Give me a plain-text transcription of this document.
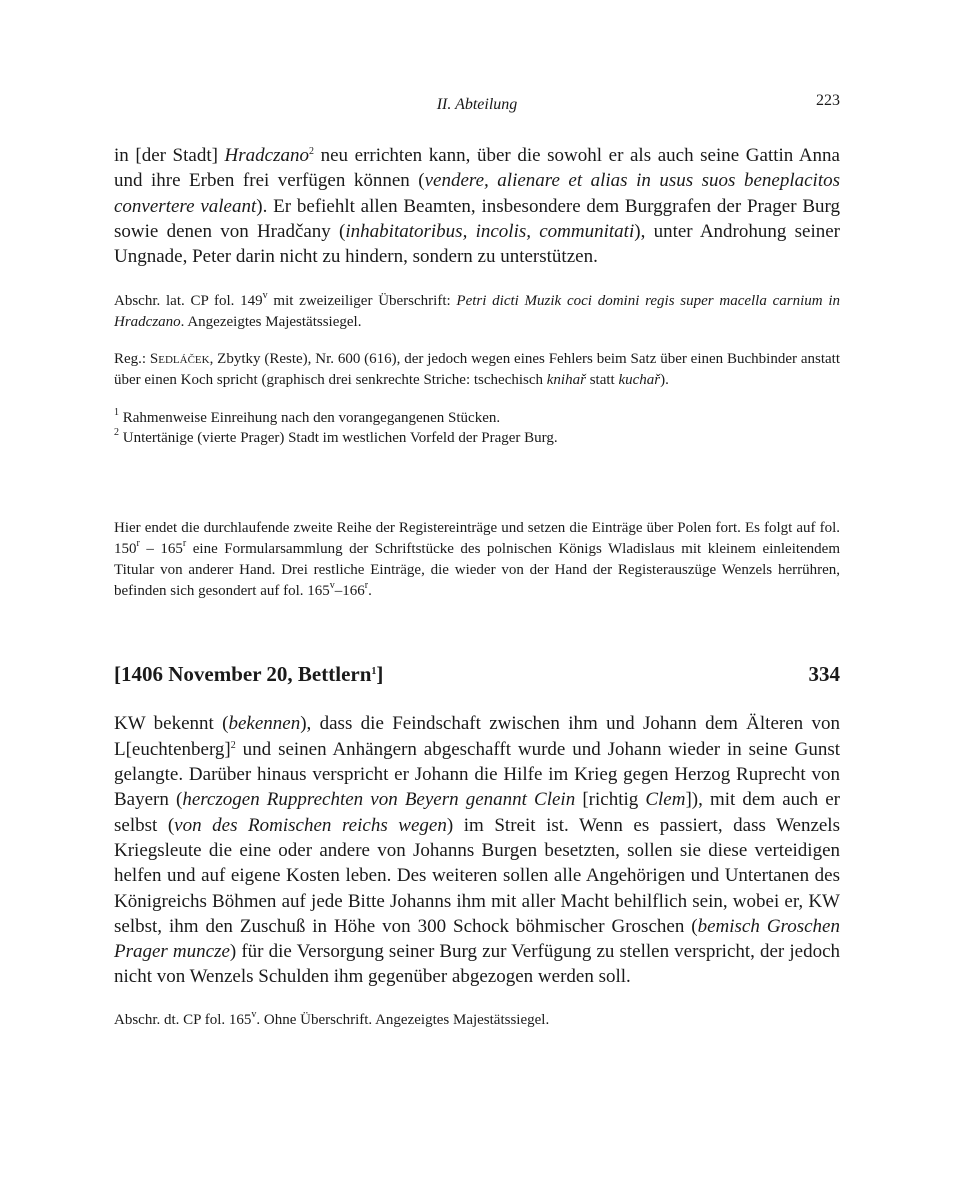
II. Abteilung	223

in [der Stadt] Hradczano$^2$ neu errichten kann, über die sowohl er als auch seine Gattin Anna und ihre Erben frei verfügen können (vendere, alienare et alias in usus suos beneplacitos convertere valeant). Er befiehlt allen Beamten, insbesondere dem Burggrafen der Prager Burg sowie denen von Hradčany (inhabitatoribus, incolis, communitati), unter Androhung seiner Ungnade, Peter darin nicht zu hindern, sondern zu unterstützen.

Abschr. lat. CP fol. 149$^v$ mit zweizeiliger Überschrift: Petri dicti Muzik coci domini regis super macella carnium in Hradczano. Angezeigtes Majestätssiegel.

Reg.: Sedláček, Zbytky (Reste), Nr. 600 (616), der jedoch wegen eines Fehlers beim Satz über einen Buchbinder anstatt über einen Koch spricht (graphisch drei senkrechte Striche: tschechisch knihař statt kuchař).

$^1$ Rahmenweise Einreihung nach den vorangegangenen Stücken.
$^2$ Untertänige (vierte Prager) Stadt im westlichen Vorfeld der Prager Burg.

Hier endet die durchlaufende zweite Reihe der Registereinträge und setzen die Einträge über Polen fort. Es folgt auf fol. 150$^r$ – 165$^r$ eine Formularsammlung der Schriftstücke des polnischen Königs Wladislaus mit kleinem einleitendem Titular von anderer Hand. Drei restliche Einträge, die wieder von der Hand der Registerauszüge Wenzels herrühren, befinden sich gesondert auf fol. 165$^v$–166$^r$.

[1406 November 20, Bettlern$^1$]	334

KW bekennt (bekennen), dass die Feindschaft zwischen ihm und Johann dem Älteren von L[euchtenberg]$^2$ und seinen Anhängern abgeschafft wurde und Johann wieder in seine Gunst gelangte. Darüber hinaus verspricht er Johann die Hilfe im Krieg gegen Herzog Ruprecht von Bayern (herczogen Rupprechten von Beyern genannt Clein [richtig Clem]), mit dem auch er selbst (von des Romischen reichs wegen) im Streit ist. Wenn es passiert, dass Wenzels Kriegsleute die eine oder andere von Johanns Burgen besetzten, sollen sie diese verteidigen helfen und auf eigene Kosten leben. Des weiteren sollen alle Angehörigen und Untertanen des Königreichs Böhmen auf jede Bitte Johanns ihm mit aller Macht behilflich sein, wobei er, KW selbst, ihm den Zuschuß in Höhe von 300 Schock böhmischer Groschen (bemisch Groschen Prager muncze) für die Versorgung seiner Burg zur Verfügung zu stellen verspricht, der jedoch nicht von Wenzels Schulden ihm gegenüber abgezogen werden soll.

Abschr. dt. CP fol. 165$^v$. Ohne Überschrift. Angezeigtes Majestätssiegel.
